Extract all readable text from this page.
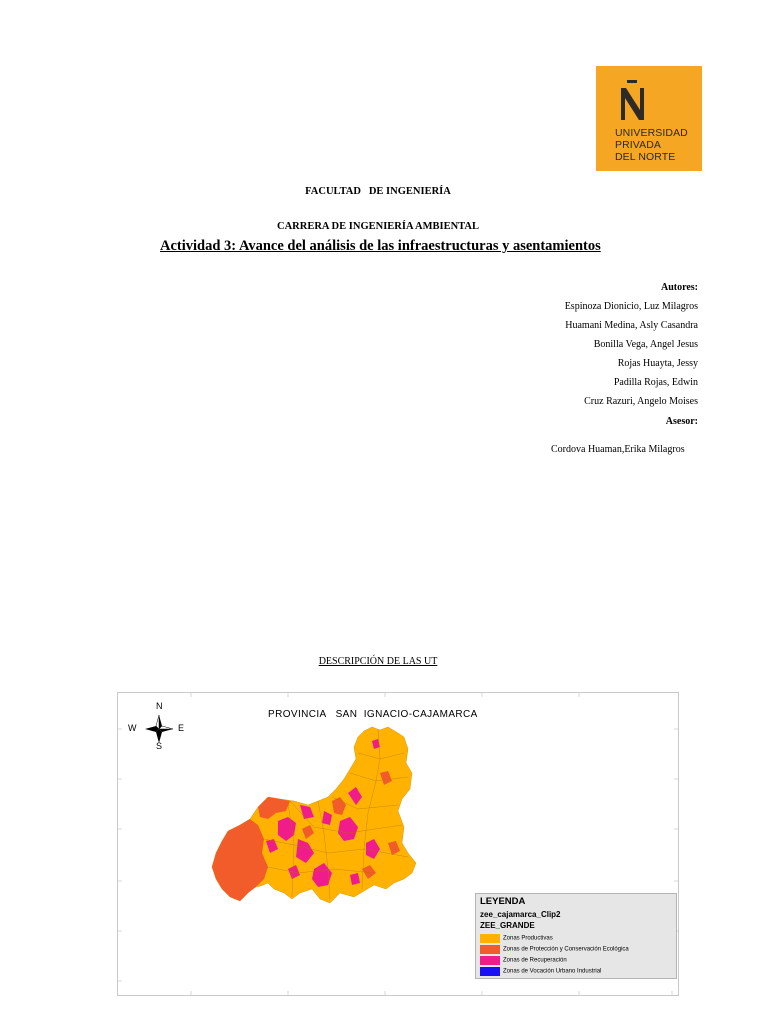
UNIVERSIDAD
PRIVADA
DEL NORTE
FACULTAD   DE INGENIERÍA
CARRERA DE INGENIERÍA AMBIENTAL
Actividad 3: Avance del análisis de las infraestructuras y asentamientos
Autores:
Espinoza Dionicio, Luz Milagros
Huamani Medina, Asly Casandra
Bonilla Vega, Angel Jesus
Rojas Huayta, Jessy
Padilla Rojas, Edwin
Cruz Razuri, Angelo Moises
Asesor:
Cordova Huaman,Erika Milagros
DESCRIPCIÓN DE LAS UT
N
S
E
W
PROVINCIA   SAN  IGNACIO-CAJAMARCA
LEYENDA
zee_cajamarca_Clip2
ZEE_GRANDE
Zonas Productivas
Zonas de Protección y Conservación Ecológica
Zonas de Recuperación
Zonas de Vocación Urbano Industrial
